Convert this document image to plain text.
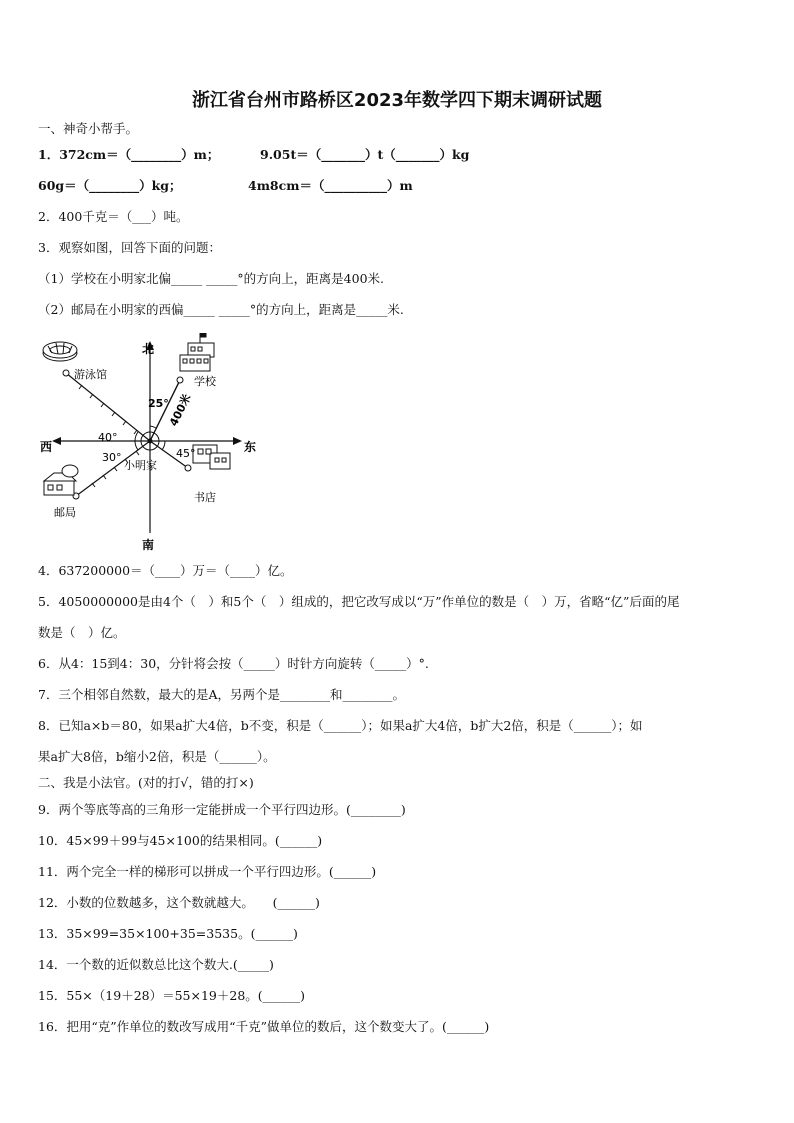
浙江省台州市路桥区2023年数学四下期末调研试题
一、神奇小帮手。
1．372cm＝（________）m；	9.05t＝（_______）t（_______）kg
60g＝（________）kg；	4m8cm＝（__________）m
2．400千克＝（___）吨。
3．观察如图，回答下面的问题：
（1）学校在小明家北偏_____ _____°的方向上，距离是400米.
（2）邮局在小明家的西偏_____ _____°的方向上，距离是_____米.
北
南
东
西
游泳馆
学校
邮局
书店
小明家
25°
40°
30°	45°
400米
4．637200000＝（____）万＝（____）亿。
5．4050000000是由4个（　）和5个（　）组成的，把它改写成以“万”作单位的数是（　）万，省略“亿”后面的尾
数是（　）亿。
6．从4：15到4：30，分针将会按（_____）时针方向旋转（_____）°.
7．三个相邻自然数，最大的是A，另两个是________和________。
8．已知a×b＝80，如果a扩大4倍，b不变，积是（______）；如果a扩大4倍，b扩大2倍，积是（______）；如
果a扩大8倍，b缩小2倍，积是（______）。
二、我是小法官。(对的打√，错的打×)
9．两个等底等高的三角形一定能拼成一个平行四边形。(________)
10．45×99＋99与45×100的结果相同。(______)
11．两个完全一样的梯形可以拼成一个平行四边形。(______)
12．小数的位数越多，这个数就越大。　　(______)
13．35×99=35×100+35=3535。(______)
14．一个数的近似数总比这个数大.(_____)
15．55×（19＋28）＝55×19＋28。(______)
16．把用“克”作单位的数改写成用“千克”做单位的数后，这个数变大了。(______)
